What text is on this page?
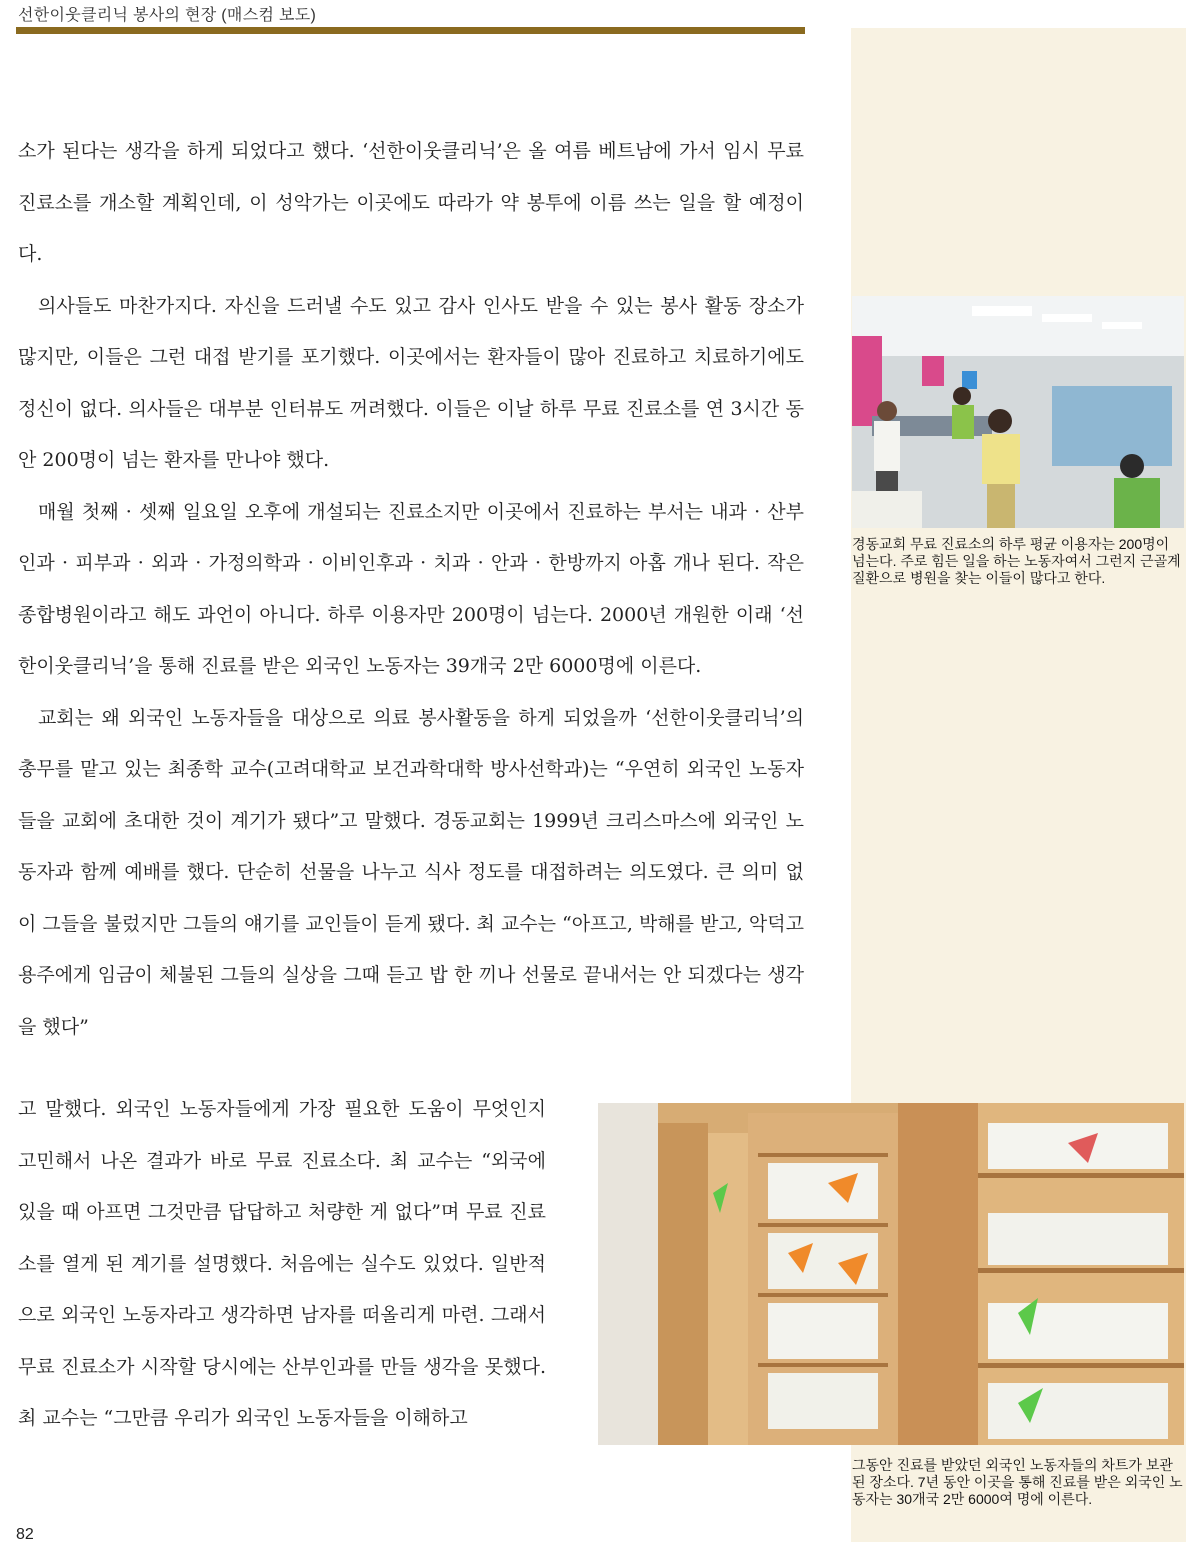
선한이웃클리닉 봉사의 현장 (매스컴 보도)

소가 된다는 생각을 하게 되었다고 했다. ‘선한이웃클리닉’은 올 여름 베트남에 가서 임시 무료 진료소를 개소할 계획인데, 이 성악가는 이곳에도 따라가 약 봉투에 이름 쓰는 일을 할 예정이다.

의사들도 마찬가지다. 자신을 드러낼 수도 있고 감사 인사도 받을 수 있는 봉사 활동 장소가 많지만, 이들은 그런 대접 받기를 포기했다. 이곳에서는 환자들이 많아 진료하고 치료하기에도 정신이 없다. 의사들은 대부분 인터뷰도 꺼려했다. 이들은 이날 하루 무료 진료소를 연 3시간 동안 200명이 넘는 환자를 만나야 했다.

매월 첫째 · 셋째 일요일 오후에 개설되는 진료소지만 이곳에서 진료하는 부서는 내과 · 산부인과 · 피부과 · 외과 · 가정의학과 · 이비인후과 · 치과 · 안과 · 한방까지 아홉 개나 된다. 작은 종합병원이라고 해도 과언이 아니다. 하루 이용자만 200명이 넘는다. 2000년 개원한 이래 ‘선한이웃클리닉’을 통해 진료를 받은 외국인 노동자는 39개국 2만 6000명에 이른다.

교회는 왜 외국인 노동자들을 대상으로 의료 봉사활동을 하게 되었을까 ‘선한이웃클리닉’의 총무를 맡고 있는 최종학 교수(고려대학교 보건과학대학 방사선학과)는 “우연히 외국인 노동자들을 교회에 초대한 것이 계기가 됐다”고 말했다. 경동교회는 1999년 크리스마스에 외국인 노동자과 함께 예배를 했다. 단순히 선물을 나누고 식사 정도를 대접하려는 의도였다. 큰 의미 없이 그들을 불렀지만 그들의 얘기를 교인들이 듣게 됐다. 최 교수는 “아프고, 박해를 받고, 악덕고용주에게 임금이 체불된 그들의 실상을 그때 듣고 밥 한 끼나 선물로 끝내서는 안 되겠다는 생각을 했다”

고 말했다. 외국인 노동자들에게 가장 필요한 도움이 무엇인지 고민해서 나온 결과가 바로 무료 진료소다. 최 교수는 “외국에 있을 때 아프면 그것만큼 답답하고 처량한 게 없다”며 무료 진료소를 열게 된 계기를 설명했다. 처음에는 실수도 있었다. 일반적으로 외국인 노동자라고 생각하면 남자를 떠올리게 마련. 그래서 무료 진료소가 시작할 당시에는 산부인과를 만들 생각을 못했다. 최 교수는 “그만큼 우리가 외국인 노동자들을 이해하고

경동교회 무료 진료소의 하루 평균 이용자는 200명이 넘는다. 주로 힘든 일을 하는 노동자여서 그런지 근골계 질환으로 병원을 찾는 이들이 많다고 한다.
그동안 진료를 받았던 외국인 노동자들의 차트가 보관된 장소다. 7년 동안 이곳을 통해 진료를 받은 외국인 노동자는 30개국 2만 6000여 명에 이른다.
82
